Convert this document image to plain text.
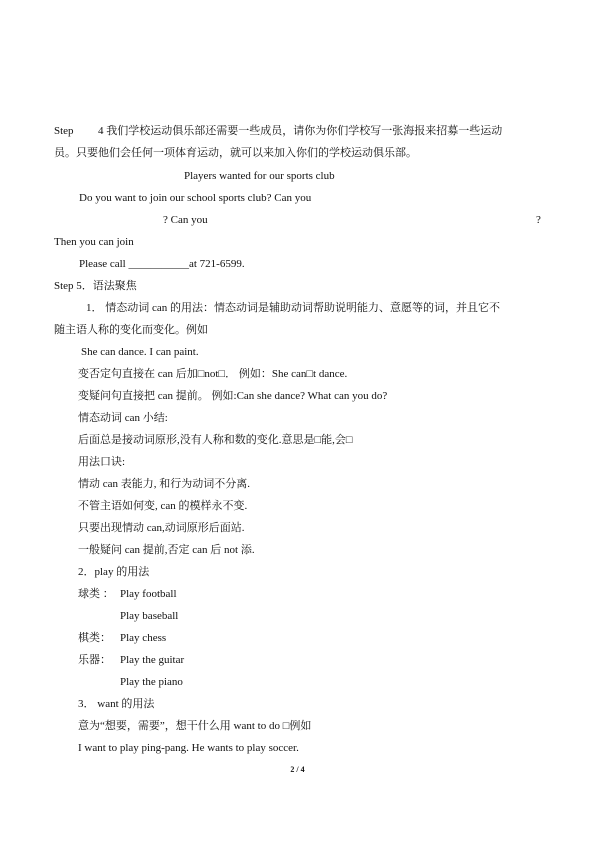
Step 4 我们学校运动俱乐部还需要一些成员，请你为你们学校写一张海报来招募一些运动
员。只要他们会任何一项体育运动，就可以来加入你们的学校运动俱乐部。
Players wanted for our sports club
Do you want to join our school sports club? Can you
? Can you	?
Then you can join
Please call ___________at 721-6599.
Step 5．语法聚焦
1． 情态动词 can 的用法：情态动词是辅助动词帮助说明能力、意愿等的词，并且它不
随主语人称的变化而变化。例如
She can dance. I can paint.
变否定句直接在 can 后加□not□． 例如：She can□t dance.
变疑问句直接把 can 提前。 例如:Can she dance? What can you do?
情态动词 can 小结:
后面总是接动词原形,没有人称和数的变化.意思是□能,会□
用法口诀:
情动 can 表能力, 和行为动词不分离.
不管主语如何变, can 的模样永不变.
只要出现情动 can,动词原形后面站.
一般疑问 can 提前,否定 can 后 not 添.
2．play 的用法
球类 ： Play football
Play baseball
棋类： Play chess
乐器： Play the guitar
Play the piano
3． want 的用法
意为“想要，需要”，想干什么用 want to do □例如
I want to play ping-pang. He wants to play soccer.
2 / 4
